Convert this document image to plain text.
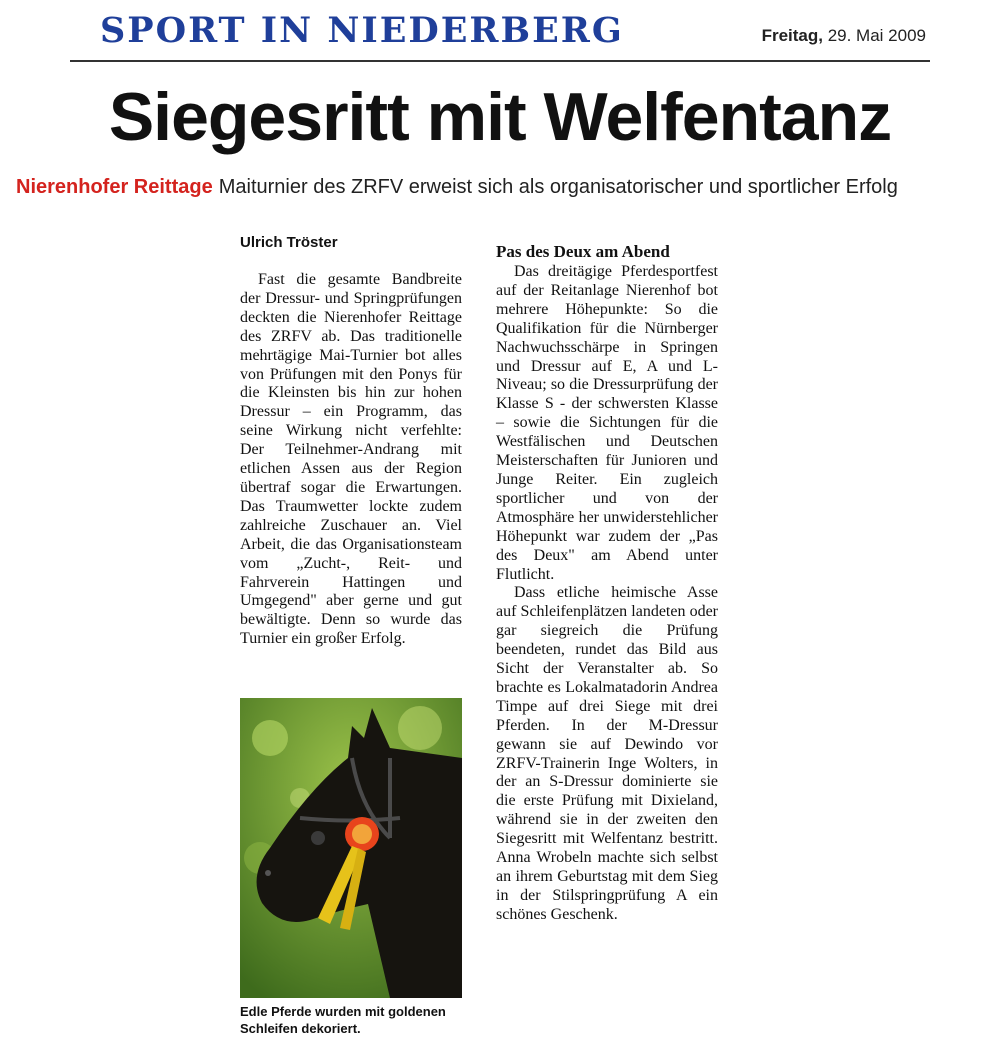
SPORT IN NIEDERBERG	Freitag, 29. Mai 2009
Siegesritt mit Welfentanz
Nierenhofer Reittage Maiturnier des ZRFV erweist sich als organisatorischer und sportlicher Erfolg
Ulrich Tröster

Fast die gesamte Bandbreite der Dressur- und Springprüfungen deckten die Nierenhofer Reittage des ZRFV ab. Das traditionelle mehrtägige Mai-Turnier bot alles von Prüfungen mit den Ponys für die Kleinsten bis hin zur hohen Dressur – ein Programm, das seine Wirkung nicht verfehlte: Der Teilnehmer-Andrang mit etlichen Assen aus der Region übertraf sogar die Erwartungen. Das Traumwetter lockte zudem zahlreiche Zuschauer an. Viel Arbeit, die das Organisationsteam vom „Zucht-, Reit- und Fahrverein Hattingen und Umgegend" aber gerne und gut bewältigte. Denn so wurde das Turnier ein großer Erfolg.

Pas des Deux am Abend

Das dreitägige Pferdesportfest auf der Reitanlage Nierenhof bot mehrere Höhepunkte: So die Qualifikation für die Nürnberger Nachwuchsschärpe in Springen und Dressur auf E, A und L-Niveau; so die Dressurprüfung der Klasse S - der schwersten Klasse – sowie die Sichtungen für die Westfälischen und Deutschen Meisterschaften für Junioren und Junge Reiter. Ein zugleich sportlicher und von der Atmosphäre her unwiderstehlicher Höhepunkt war zudem der „Pas des Deux" am Abend unter Flutlicht.

Dass etliche heimische Asse auf Schleifenplätzen landeten oder gar siegreich die Prüfung beendeten, rundet das Bild aus Sicht der Veranstalter ab. So brachte es Lokalmatadorin Andrea Timpe auf drei Siege mit drei Pferden. In der M-Dressur gewann sie auf Dewindo vor ZRFV-Trainerin Inge Wolters, in der an S-Dressur dominierte sie die erste Prüfung mit Dixieland, während sie in der zweiten den Siegesritt mit Welfentanz bestritt. Anna Wrobeln machte sich selbst an ihrem Geburtstag mit dem Sieg in der Stilspringprüfung A ein schönes Geschenk.

Edle Pferde wurden mit goldenen Schleifen dekoriert.
